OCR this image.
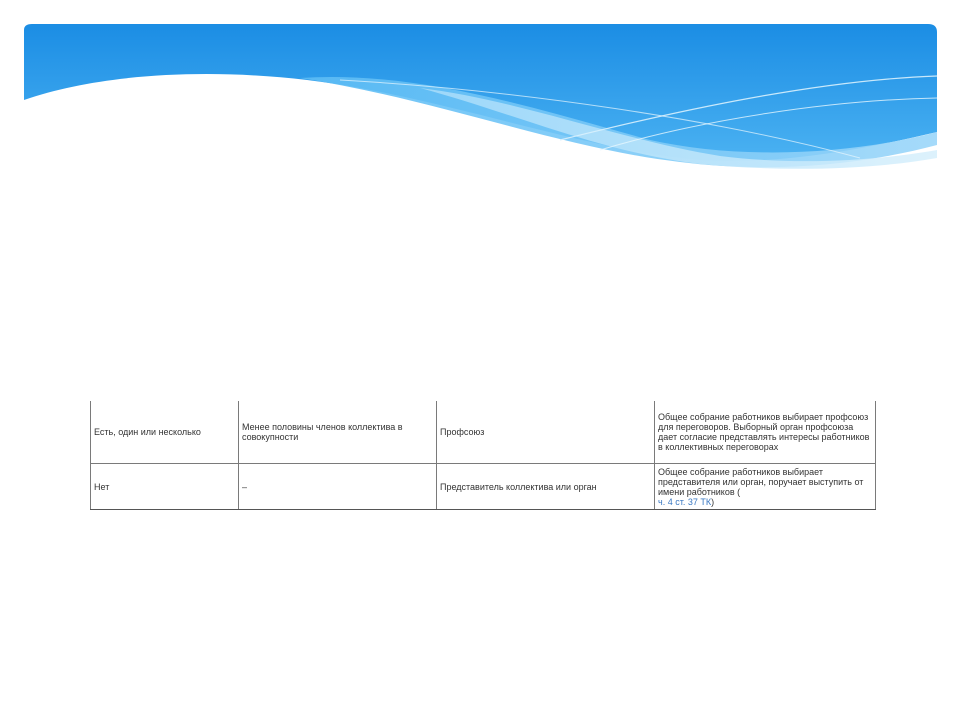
Есть, один или несколько	Менее половины членов коллектива в совокупности	Профсоюз	Общее собрание работников выбирает профсоюз для переговоров. Выборный орган профсоюза дает согласие представлять интересы работников в коллективных переговорах

Нет	–	Представитель коллектива или орган	Общее собрание работников выбирает представителя или орган, поручает выступить от имени работников (
ч. 4 ст. 37 ТК)
